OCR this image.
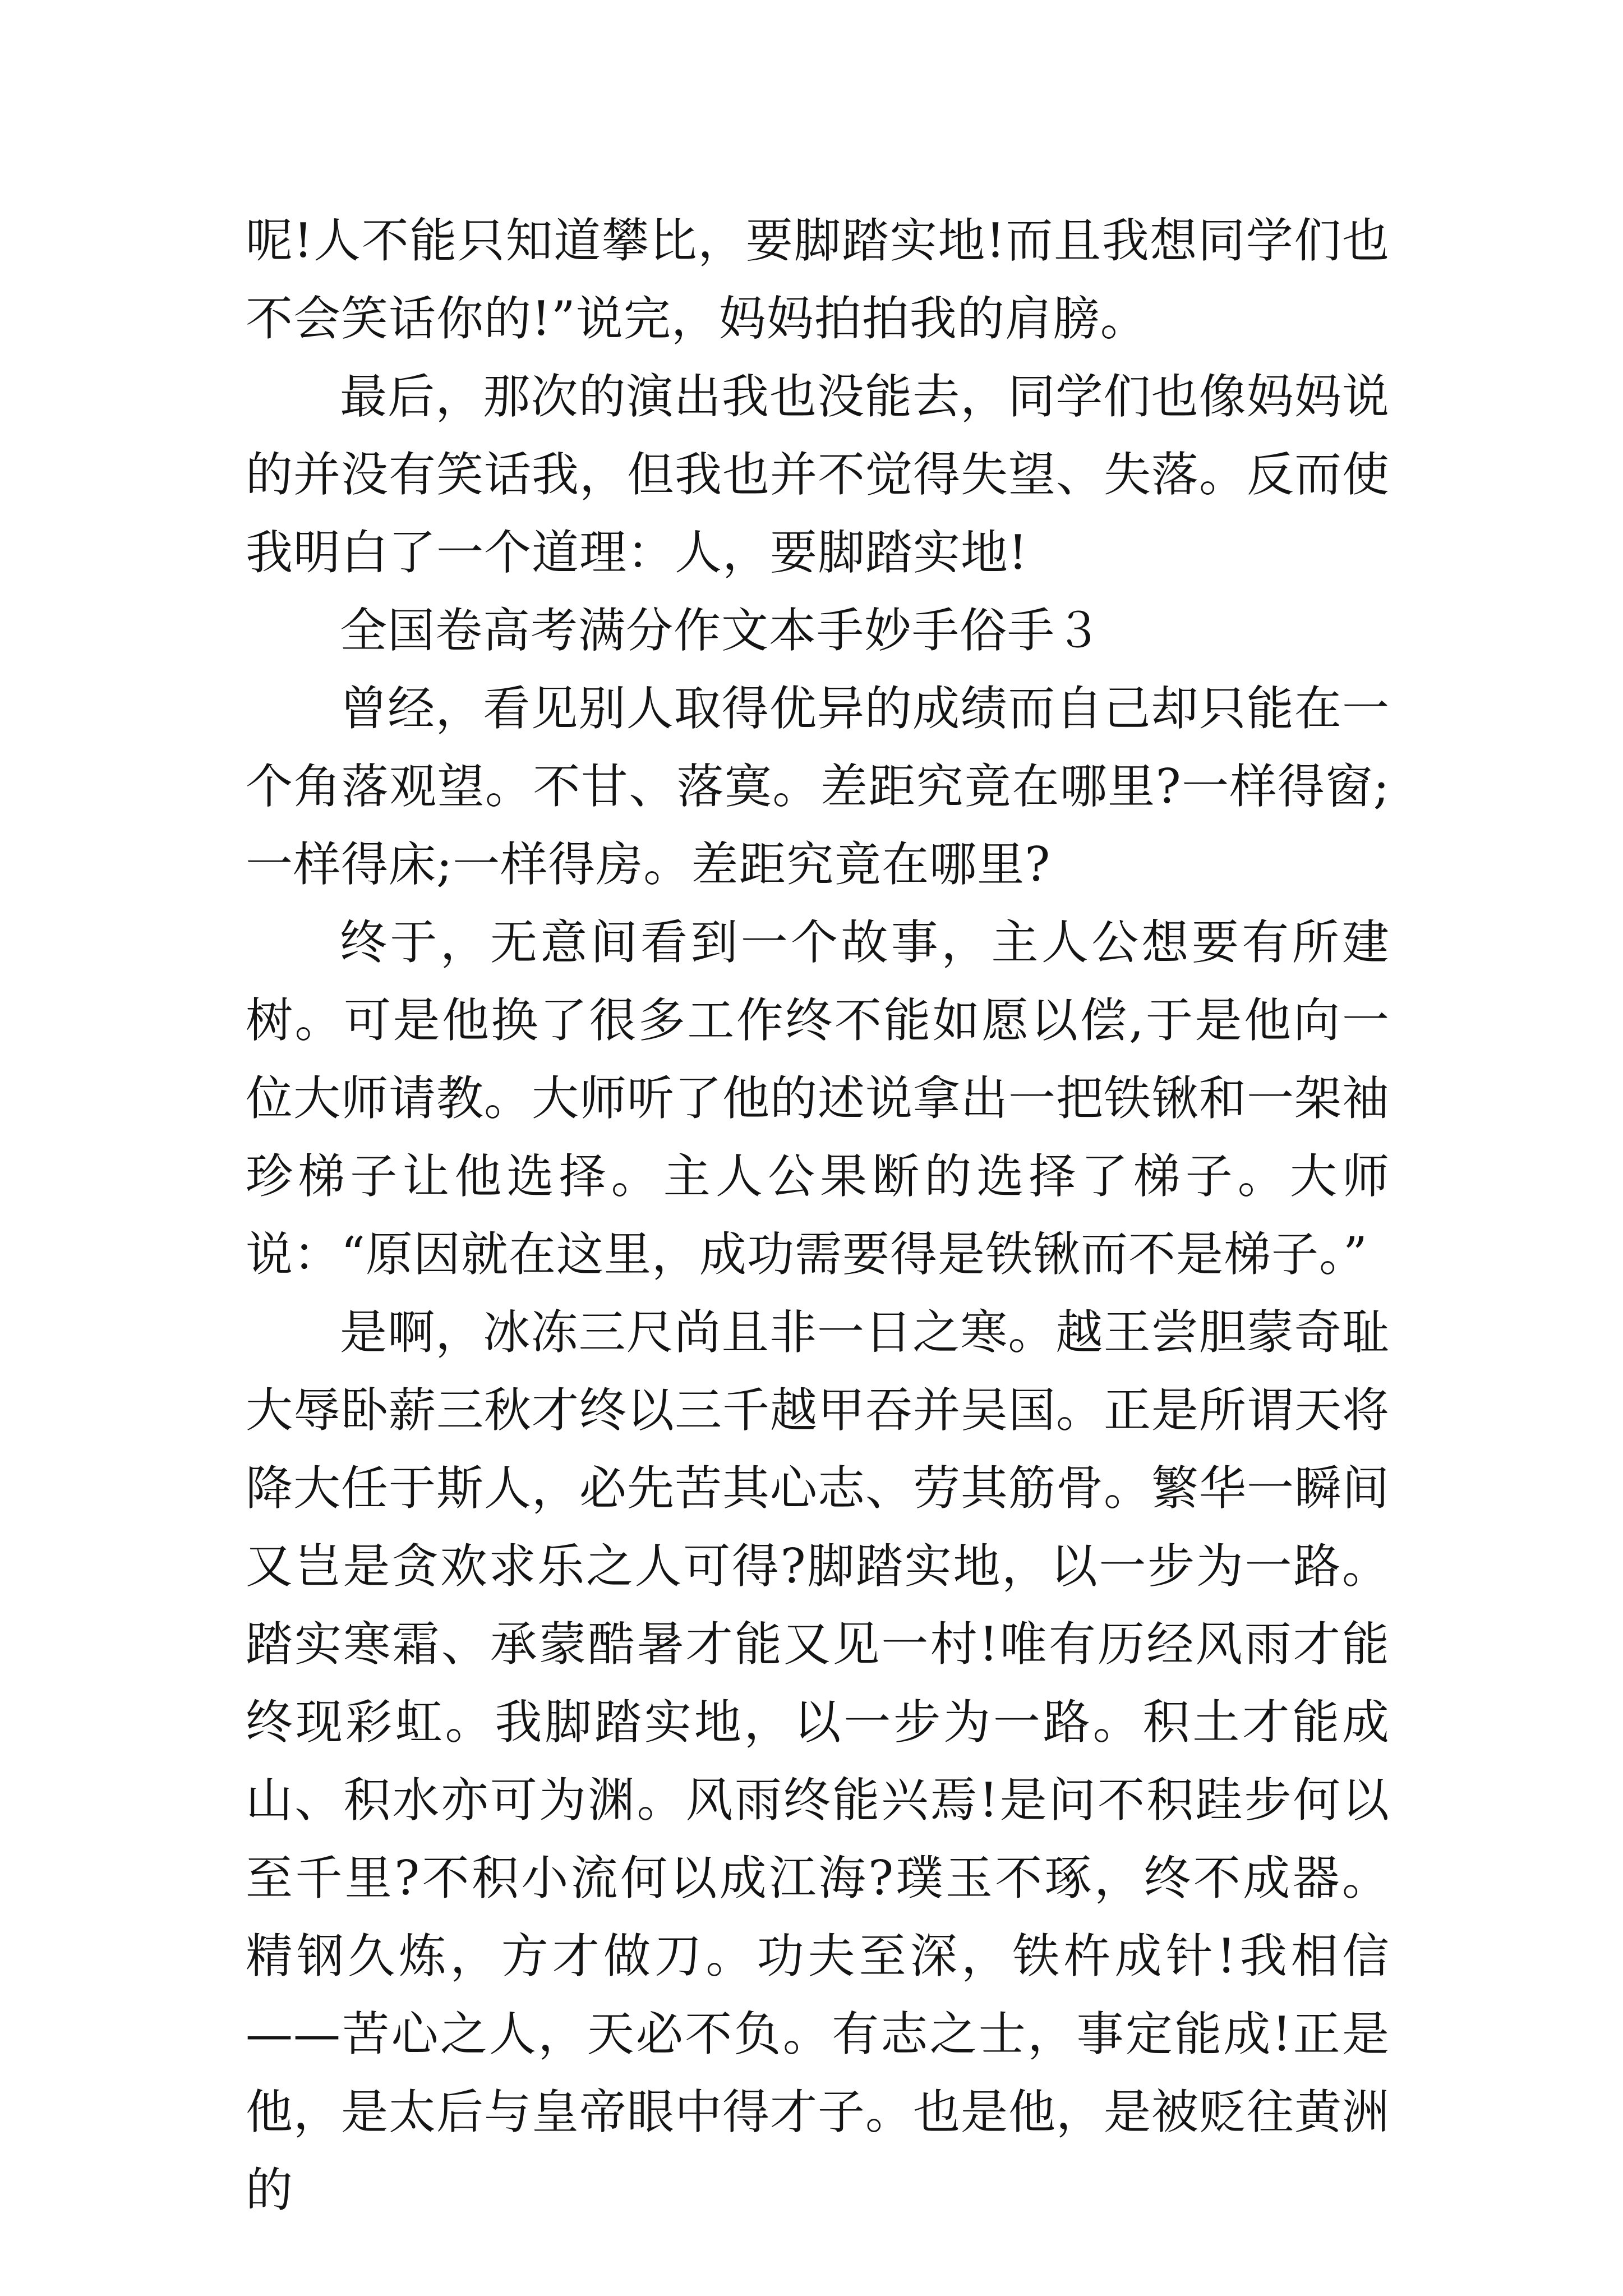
呢!人不能只知道攀比，要脚踏实地!而且我想同学们也不会笑话你的!”说完，妈妈拍拍我的肩膀。

最后，那次的演出我也没能去，同学们也像妈妈说的并没有笑话我，但我也并不觉得失望、失落。反而使我明白了一个道理：人，要脚踏实地!

全国卷高考满分作文本手妙手俗手３

曾经，看见别人取得优异的成绩而自己却只能在一个角落观望。不甘、落寞。差距究竟在哪里?一样得窗;一样得床;一样得房。差距究竟在哪里?

终于，无意间看到一个故事，主人公想要有所建树。可是他换了很多工作终不能如愿以偿,于是他向一位大师请教。大师听了他的述说拿出一把铁锹和一架袖珍梯子让他选择。主人公果断的选择了梯子。大师说：“原因就在这里，成功需要得是铁锹而不是梯子。”

是啊，冰冻三尺尚且非一日之寒。越王尝胆蒙奇耻大辱卧薪三秋才终以三千越甲吞并吴国。正是所谓天将降大任于斯人，必先苦其心志、劳其筋骨。繁华一瞬间又岂是贪欢求乐之人可得?脚踏实地，以一步为一路。踏实寒霜、承蒙酷暑才能又见一村!唯有历经风雨才能终现彩虹。我脚踏实地，以一步为一路。积土才能成山、积水亦可为渊。风雨终能兴焉!是问不积跬步何以至千里?不积小流何以成江海?璞玉不琢，终不成器。精钢久炼，方才做刀。功夫至深，铁杵成针!我相信——苦心之人，天必不负。有志之士，事定能成!正是他，是太后与皇帝眼中得才子。也是他，是被贬往黄洲的
